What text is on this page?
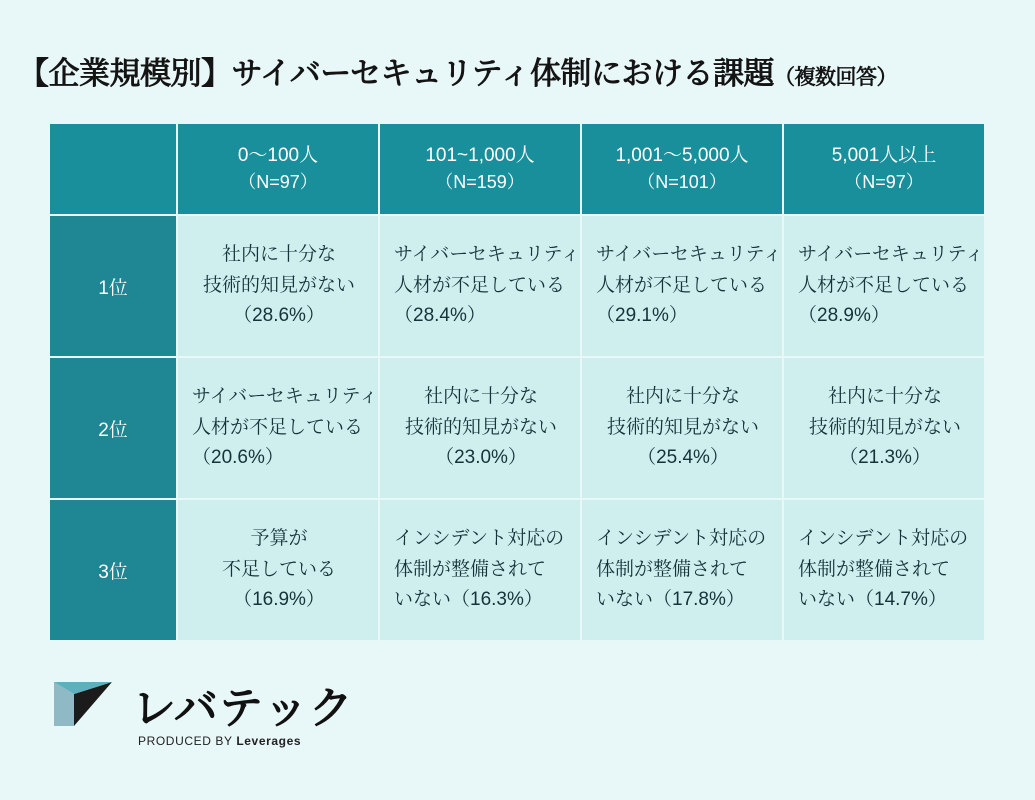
【企業規模別】サイバーセキュリティ体制における課題（複数回答）
	0〜100人
（N=97）	101~1,000人
（N=159）	1,001〜5,000人
（N=101）	5,001人以上
（N=97）

1位	社内に十分な
技術的知見がない
（28.6%）	サイバーセキュリティ
人材が不足している
（28.4%）	サイバーセキュリティ
人材が不足している
（29.1%）	サイバーセキュリティ
人材が不足している
（28.9%）

2位	サイバーセキュリティ
人材が不足している
（20.6%）	社内に十分な
技術的知見がない
（23.0%）	社内に十分な
技術的知見がない
（25.4%）	社内に十分な
技術的知見がない
（21.3%）

3位	予算が
不足している
（16.9%）	インシデント対応の
体制が整備されて
いない（16.3%）	インシデント対応の
体制が整備されて
いない（17.8%）	インシデント対応の
体制が整備されて
いない（14.7%）
レバテック
PRODUCED BY Leverages
